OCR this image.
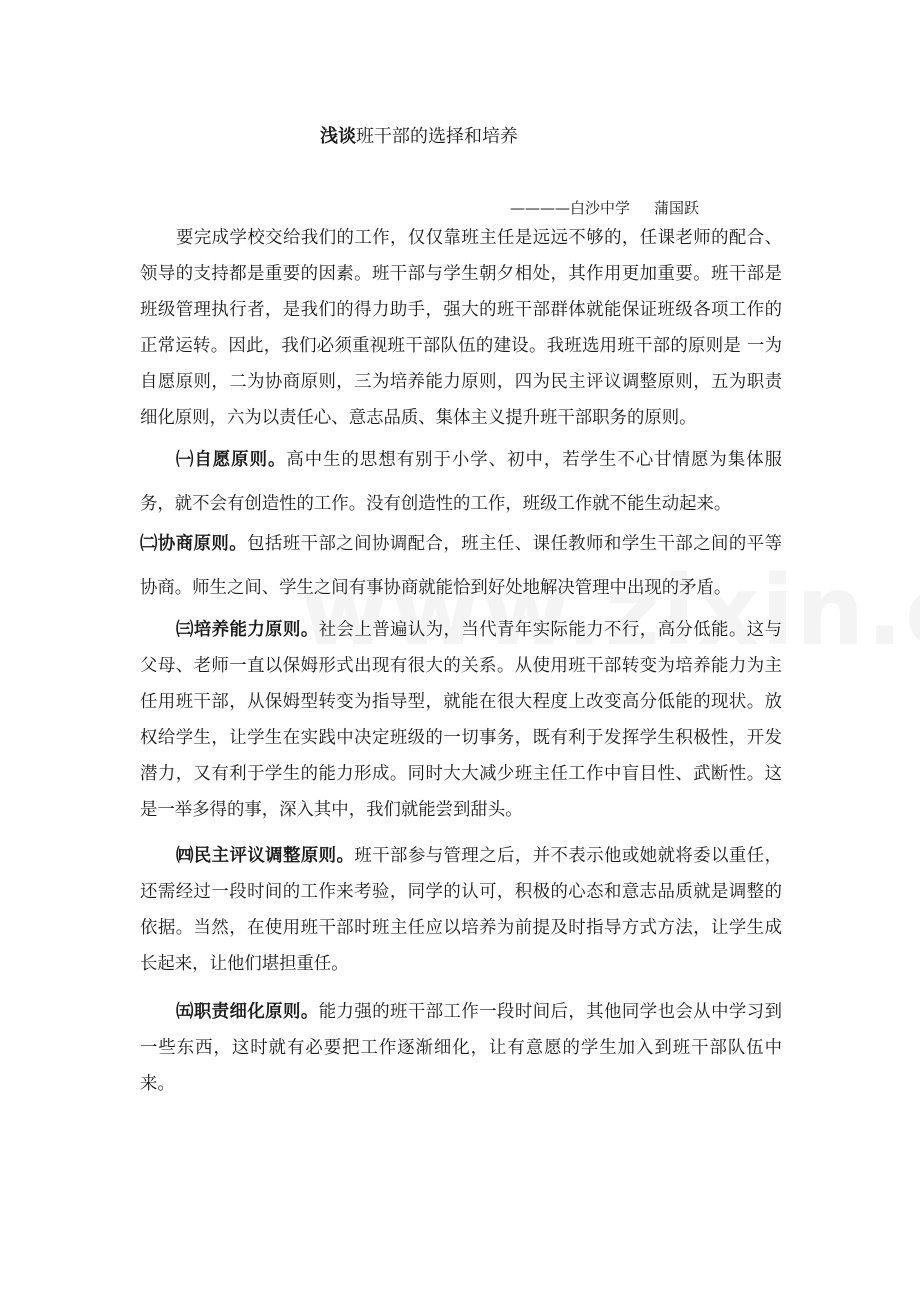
浅谈班干部的选择和培养
————白沙中学 蒲国跃

要完成学校交给我们的工作，仅仅靠班主任是远远不够的，任课老师的配合、领导的支持都是重要的因素。班干部与学生朝夕相处，其作用更加重要。班干部是班级管理执行者，是我们的得力助手，强大的班干部群体就能保证班级各项工作的正常运转。因此，我们必须重视班干部队伍的建设。我班选用班干部的原则是 一为自愿原则，二为协商原则，三为培养能力原则，四为民主评议调整原则，五为职责细化原则，六为以责任心、意志品质、集体主义提升班干部职务的原则。

㈠自愿原则。高中生的思想有别于小学、初中，若学生不心甘情愿为集体服务，就不会有创造性的工作。没有创造性的工作，班级工作就不能生动起来。

㈡协商原则。包括班干部之间协调配合，班主任、课任教师和学生干部之间的平等协商。师生之间、学生之间有事协商就能恰到好处地解决管理中出现的矛盾。

㈢培养能力原则。社会上普遍认为，当代青年实际能力不行，高分低能。这与父母、老师一直以保姆形式出现有很大的关系。从使用班干部转变为培养能力为主任用班干部，从保姆型转变为指导型，就能在很大程度上改变高分低能的现状。放权给学生，让学生在实践中决定班级的一切事务，既有利于发挥学生积极性，开发潜力，又有利于学生的能力形成。同时大大减少班主任工作中盲目性、武断性。这是一举多得的事，深入其中，我们就能尝到甜头。

㈣民主评议调整原则。班干部参与管理之后，并不表示他或她就将委以重任，还需经过一段时间的工作来考验，同学的认可，积极的心态和意志品质就是调整的依据。当然，在使用班干部时班主任应以培养为前提及时指导方式方法，让学生成长起来，让他们堪担重任。

㈤职责细化原则。能力强的班干部工作一段时间后，其他同学也会从中学习到一些东西，这时就有必要把工作逐渐细化，让有意愿的学生加入到班干部队伍中来。
